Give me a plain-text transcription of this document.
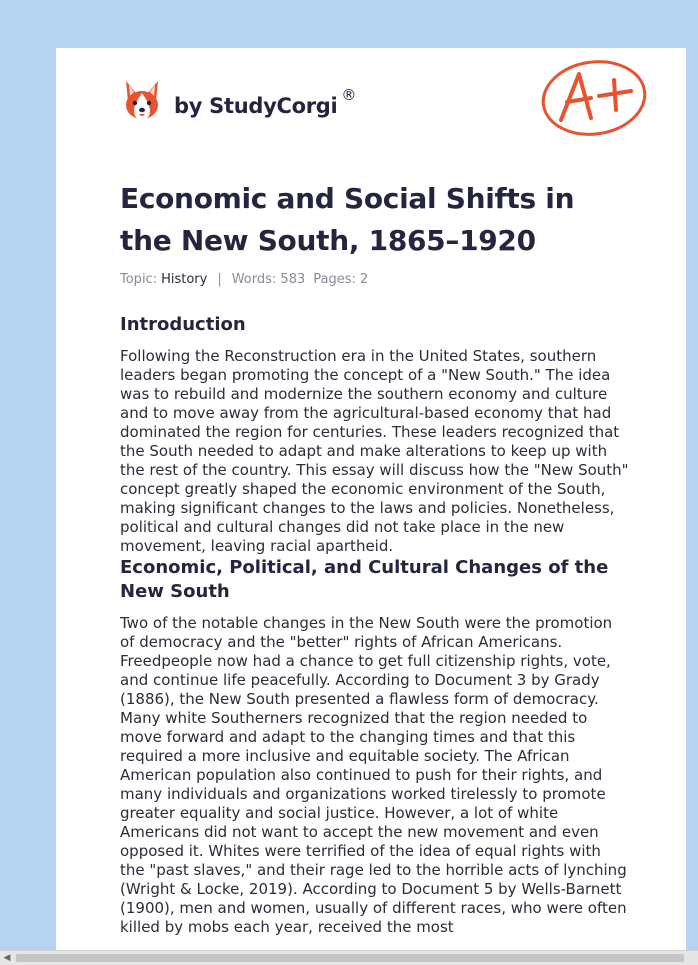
by StudyCorgi ®
Economic and Social Shifts in the New South, 1865–1920
Topic: History | Words: 583 Pages: 2
Introduction

Following the Reconstruction era in the United States, southern leaders began promoting the concept of a "New South." The idea was to rebuild and modernize the southern economy and culture and to move away from the agricultural-based economy that had dominated the region for centuries. These leaders recognized that the South needed to adapt and make alterations to keep up with the rest of the country. This essay will discuss how the "New South" concept greatly shaped the economic environment of the South, making significant changes to the laws and policies. Nonetheless, political and cultural changes did not take place in the new movement, leaving racial apartheid.

Economic, Political, and Cultural Changes of the New South

Two of the notable changes in the New South were the promotion of democracy and the "better" rights of African Americans. Freedpeople now had a chance to get full citizenship rights, vote, and continue life peacefully. According to Document 3 by Grady (1886), the New South presented a flawless form of democracy. Many white Southerners recognized that the region needed to move forward and adapt to the changing times and that this required a more inclusive and equitable society. The African American population also continued to push for their rights, and many individuals and organizations worked tirelessly to promote greater equality and social justice. However, a lot of white Americans did not want to accept the new movement and even opposed it. Whites were terrified of the idea of equal rights with the "past slaves," and their rage led to the horrible acts of lynching (Wright & Locke, 2019). According to Document 5 by Wells-Barnett (1900), men and women, usually of different races, who were often killed by mobs each year, received the most

◀
